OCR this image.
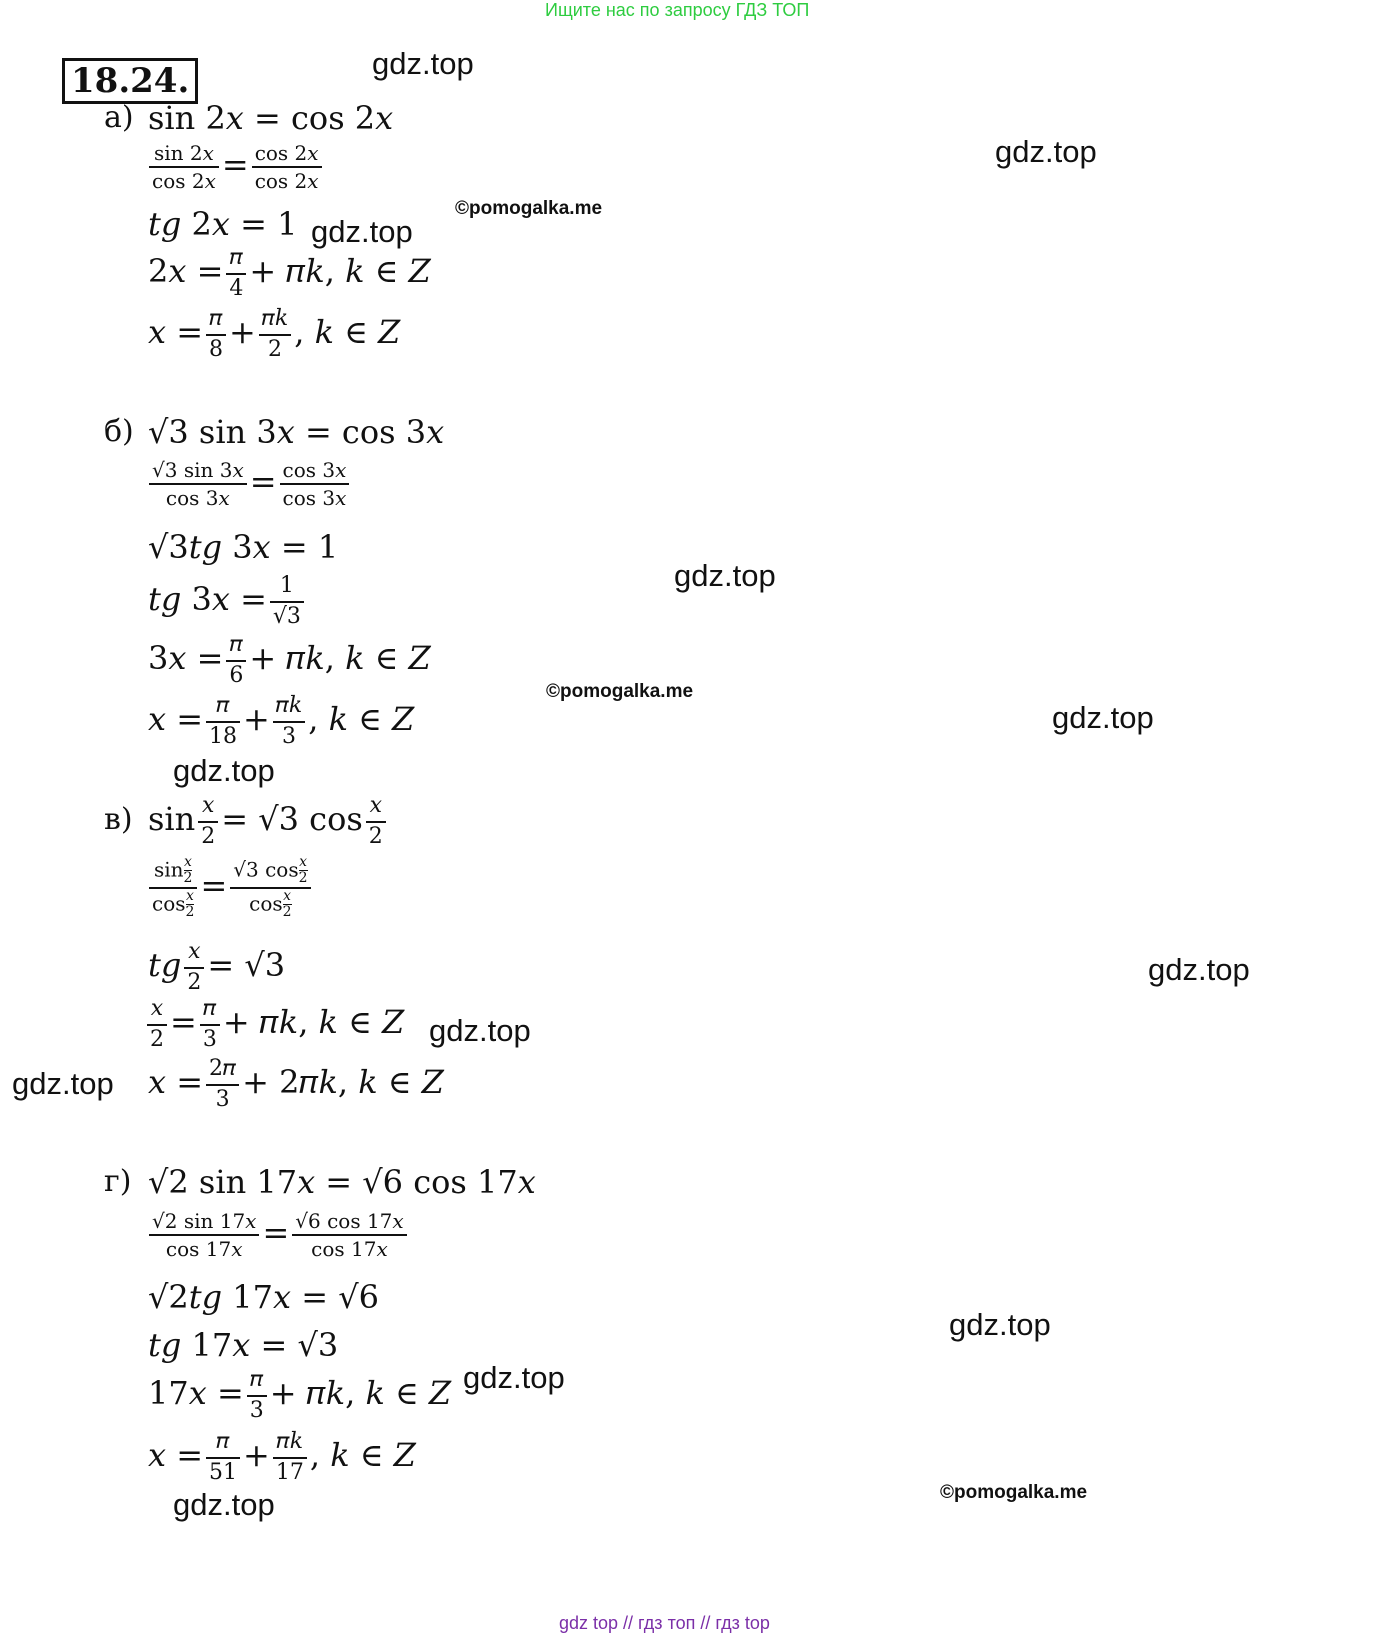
Ищите нас по запросу ГДЗ ТОП
18.24.	gdz.top
gdz.top
gdz.top
©pomogalka.me
gdz.top
©pomogalka.me
gdz.top
gdz.top
gdz.top
gdz.top
gdz.top
gdz.top
gdz.top
©pomogalka.me
gdz.top
а) sin 2𝑥 = cos 2𝑥
$\frac{\text{sin 2𝑥}}{\text{cos 2𝑥}} = \frac{\text{cos 2𝑥}}{\text{cos 2𝑥}}$
𝑡𝑔 2𝑥 = 1
2𝑥 = $\frac{\text{𝜋}}{4}$ + 𝜋𝑘, 𝑘 ∈ 𝑍
𝑥 = $\frac{\text{𝜋}}{8} + \frac{\text{𝜋𝑘}}{2}$ , 𝑘 ∈ 𝑍
б) √3 sin 3𝑥 = cos 3𝑥
$\frac{\text{√3 sin 3𝑥}}{\text{cos 3𝑥}} = \frac{\text{cos 3𝑥}}{\text{cos 3𝑥}}$
√3𝑡𝑔 3𝑥 = 1
𝑡𝑔 3𝑥 = $\frac{1}{√3}$
3𝑥 = $\frac{\text{𝜋}}{6}$ + 𝜋𝑘, 𝑘 ∈ 𝑍
𝑥 = $\frac{\text{𝜋}}{18} + \frac{\text{𝜋𝑘}}{3}$ , 𝑘 ∈ 𝑍
в) $\sin \frac{\text{𝑥}}{2} = √3$ $\cos \frac{\text{𝑥}}{2}$
sin 𝑥
2
cos 𝑥
2 = √3 cos 𝑥
2
cos 𝑥
2
𝑡𝑔 $\frac{\text{𝑥}}{2} = √3$
$\frac{\text{𝑥}}{2} = \frac{\text{𝜋}}{3}$ + 𝜋𝑘, 𝑘 ∈ 𝑍
𝑥 = $\frac{\text{2𝜋}}{3}$ + 2𝜋𝑘, 𝑘 ∈ 𝑍
г) √2 sin 17𝑥 = √6 cos 17𝑥
$\frac{\text{√2 sin 17𝑥}}{\text{cos 17𝑥}} = \frac{\text{√6 cos 17𝑥}}{\text{cos 17𝑥}}$
√2𝑡𝑔 17𝑥 = √6
𝑡𝑔 17𝑥 = √3
17𝑥 = $\frac{\text{𝜋}}{3}$ + 𝜋𝑘, 𝑘 ∈ 𝑍
𝑥 = $\frac{\text{𝜋}}{51} + \frac{\text{𝜋𝑘}}{17}$ , 𝑘 ∈ 𝑍
gdz top // гдз топ // гдз top
